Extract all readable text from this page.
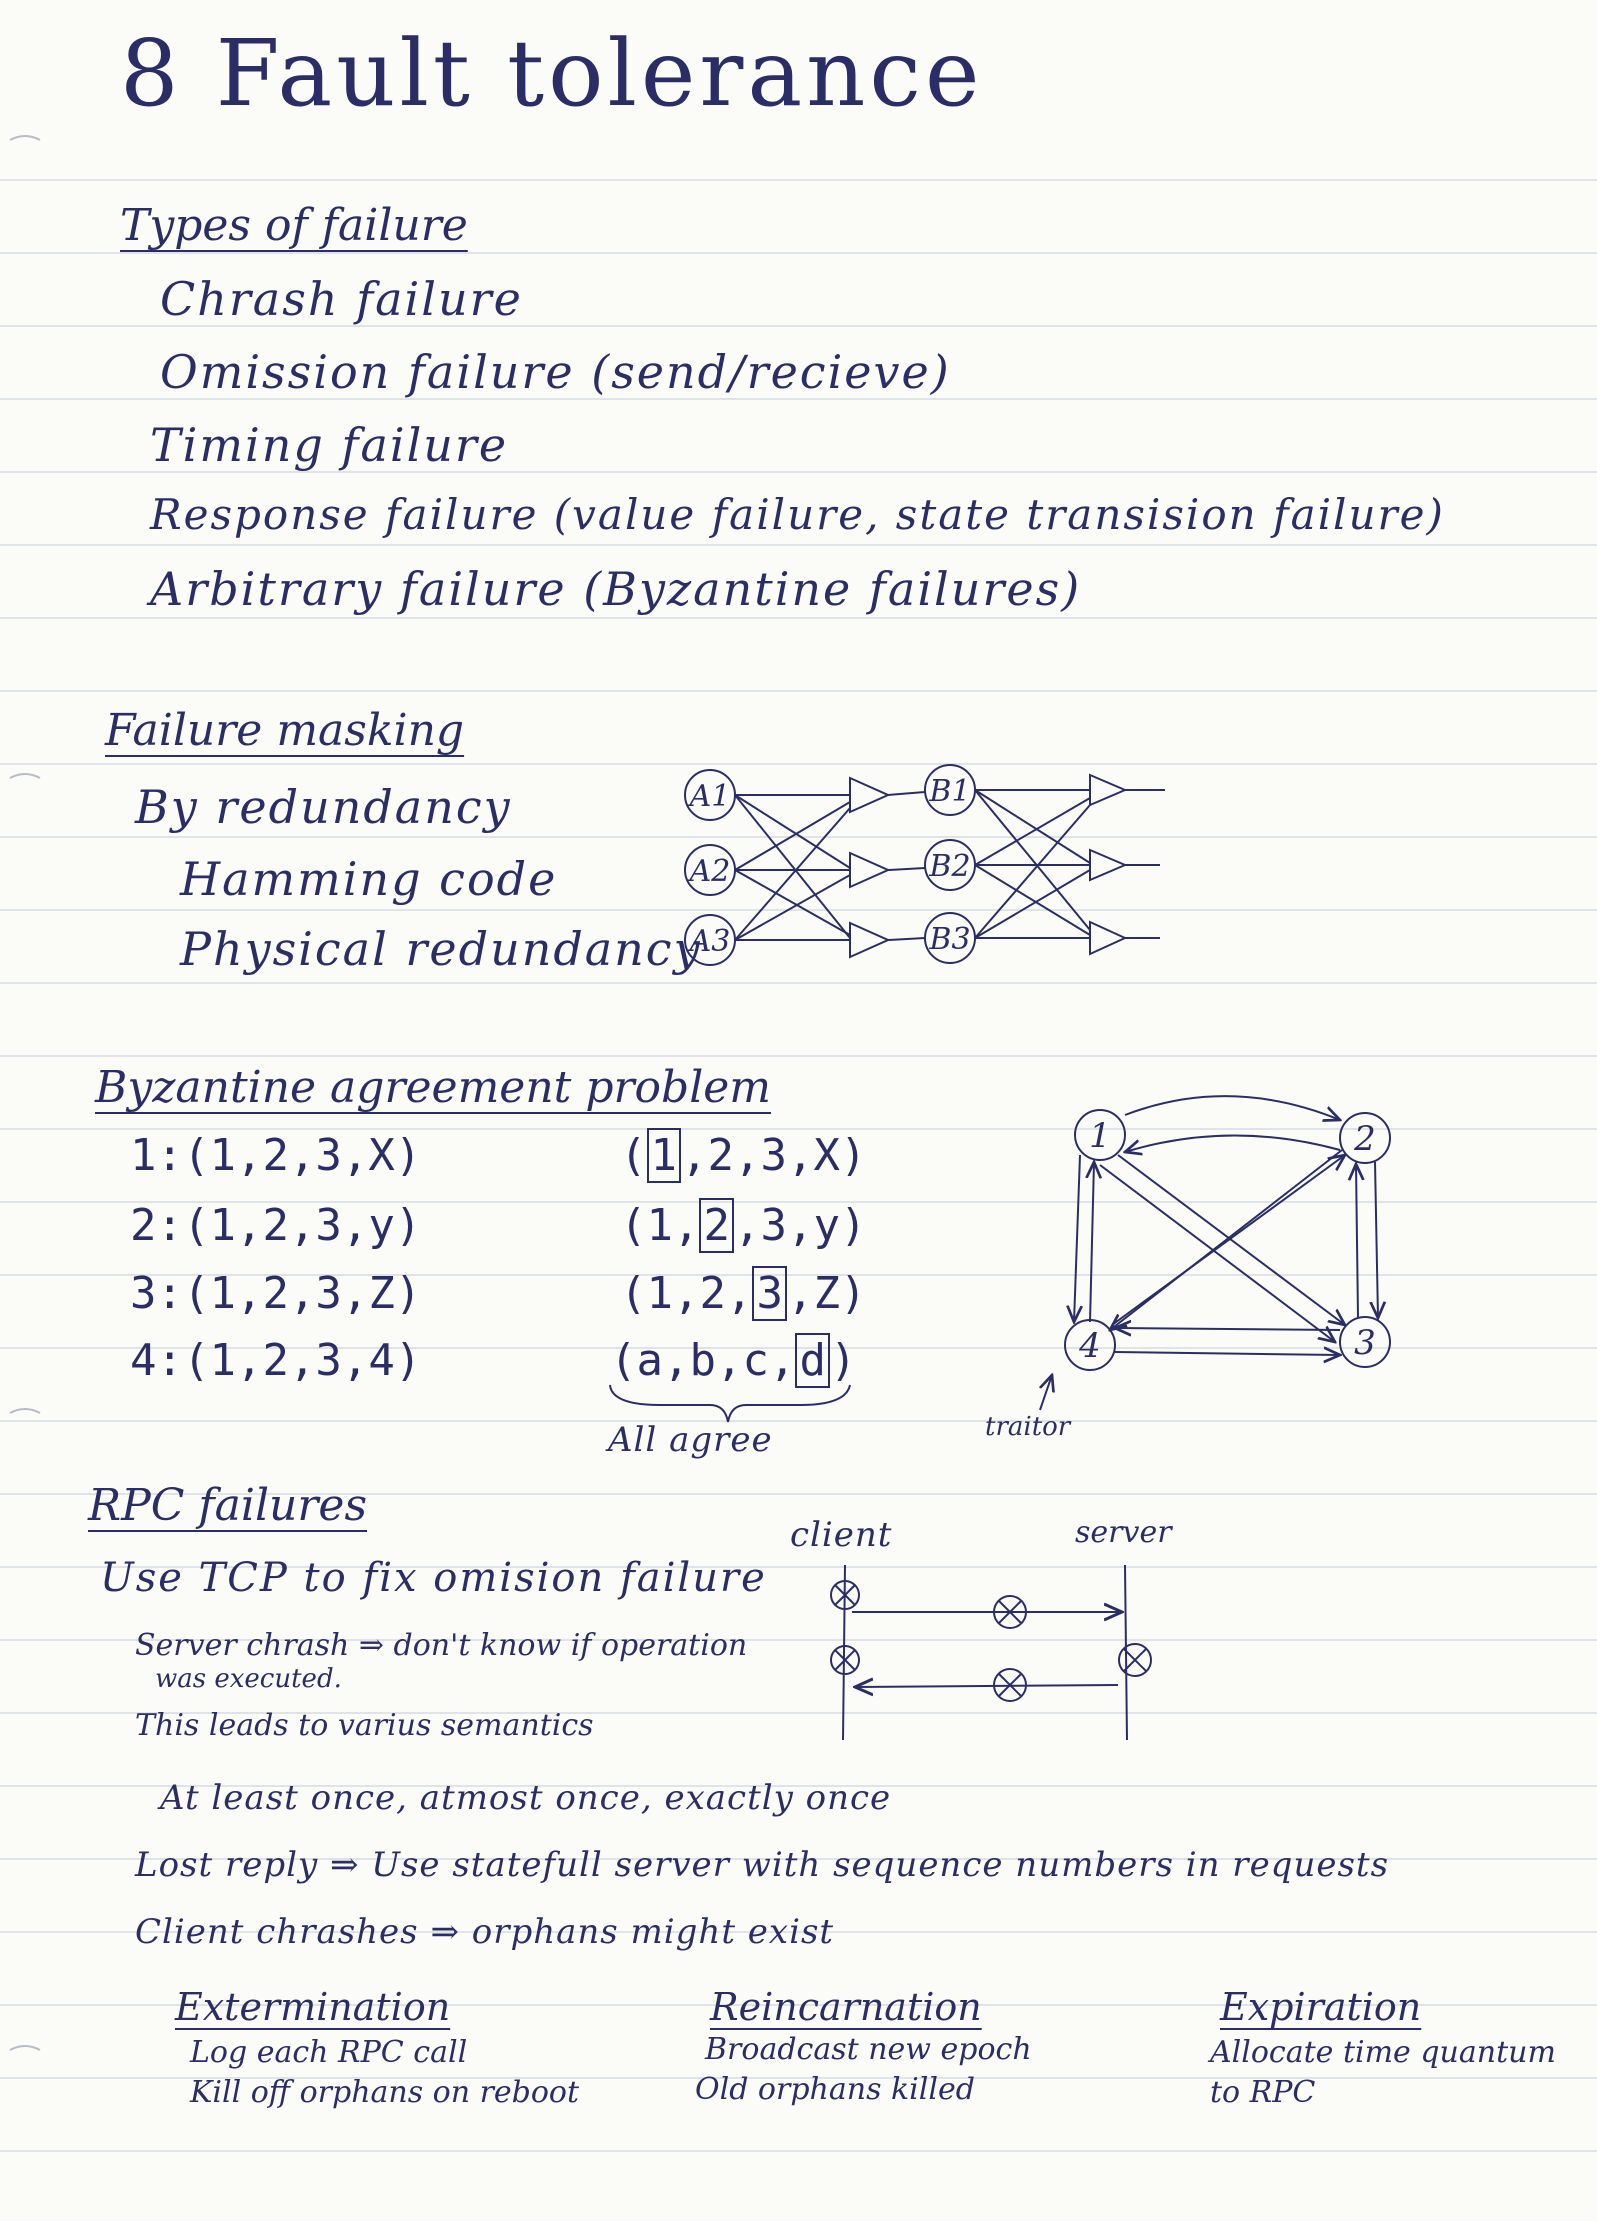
8 Fault tolerance
Types of failure
Chrash failure
Omission failure (send/recieve)
Timing failure
Response failure (value failure, state transision failure)
Arbitrary failure (Byzantine failures)
Failure masking
By redundancy
Hamming code
Physical redundancy
A1
A2
A3
B1
B2
B3
Byzantine agreement problem
1:(1,2,3,X)
2:(1,2,3,y)
3:(1,2,3,Z)
4:(1,2,3,4)
(1,2,3,X)
(1,2,3,y)
(1,2,3,Z)
(a,b,c,d)
All agree
1	2
3
4
traitor
RPC failures
Use TCP to fix omision failure
Server chrash ⇒ don't know if operation
was executed.
This leads to varius semantics
At least once, atmost once, exactly once
Lost reply ⇒ Use statefull server with sequence numbers in requests
Client chrashes ⇒ orphans might exist
client	server
Extermination
Log each RPC call
Kill off orphans on reboot
Reincarnation
Broadcast new epoch
Old orphans killed
Expiration
Allocate time quantum
to RPC
